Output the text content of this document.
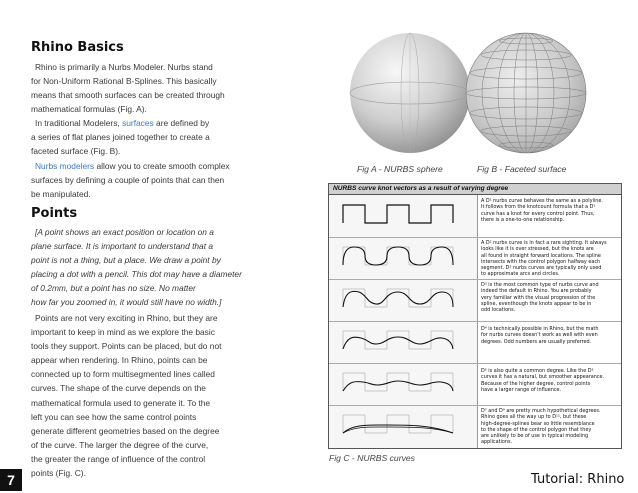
Rhino Basics

Rhino is primarily a Nurbs Modeler. Nurbs stand

for Non-Uniform Rational B-Splines. This basically

means that smooth surfaces can be created through

mathematical formulas (Fig. A).

In traditional Modelers, surfaces are defined by

a series of flat planes joined together to create a

faceted surface (Fig. B).

Nurbs modelers allow you to create smooth complex

surfaces by defining a couple of points that can then

be manipulated.

Points

[A point shows an exact position or location on a

plane surface. It is important to understand that a

point is not a thing, but a place. We draw a point by

placing a dot with a pencil. This dot may have a diameter

of 0.2mm, but a point has no size. No matter

how far you zoomed in, it would still have no width.]

Points are not very exciting in Rhino, but they are

important to keep in mind as we explore the basic

tools they support. Points can be placed, but do not

appear when rendering. In Rhino, points can be

connected up to form multisegmented lines called

curves. The shape of the curve depends on the

mathematical formula used to generate it. To the

left you can see how the same control points

generate different geometries based on the degree

of the curve. The larger the degree of the curve,

the greater the range of influence of the control

points (Fig. C).

Fig A - NURBS sphere	Fig B - Faceted surface
NURBS curve knot vectors as a result of varying degree
A D¹ nurbs curve behaves the same as a polyline.
It follows from the knotcount formula that a D¹
curve has a knot for every control point. Thus,
there is a one-to-one relationship.
A D² nurbs curve is in fact a rare sighting. It always
looks like it is over stressed, but the knots are
all found in straight forward locations. The spline
intersects with the control polygon halfway each
segment. D² nurbs curves are typically only used
to approximate arcs and circles.
D³ is the most common type of nurbs curve and
indeed the default in Rhino. You are probably
very familiar with the visual progression of the
spline, eventhough the knots appear to be in
odd locations.
D⁴ is technically possible in Rhino, but the math
for nurbs curves doesn't work as well with even
degrees. Odd numbers are usually preferred.
D⁵ is also quite a common degree. Like the D³
curves it has a natural, but smoother appearance.
Because of the higher degree, control points
have a larger range of influence.
D⁷ and D⁹ are pretty much hypothetical degrees.
Rhino goes all the way up to D¹¹, but these
high-degree-splines bear so little resemblance
to the shape of the control polygon that they
are unlikely to be of use in typical modeling
applications.
Fig C - NURBS curves
7	Tutorial: Rhino
